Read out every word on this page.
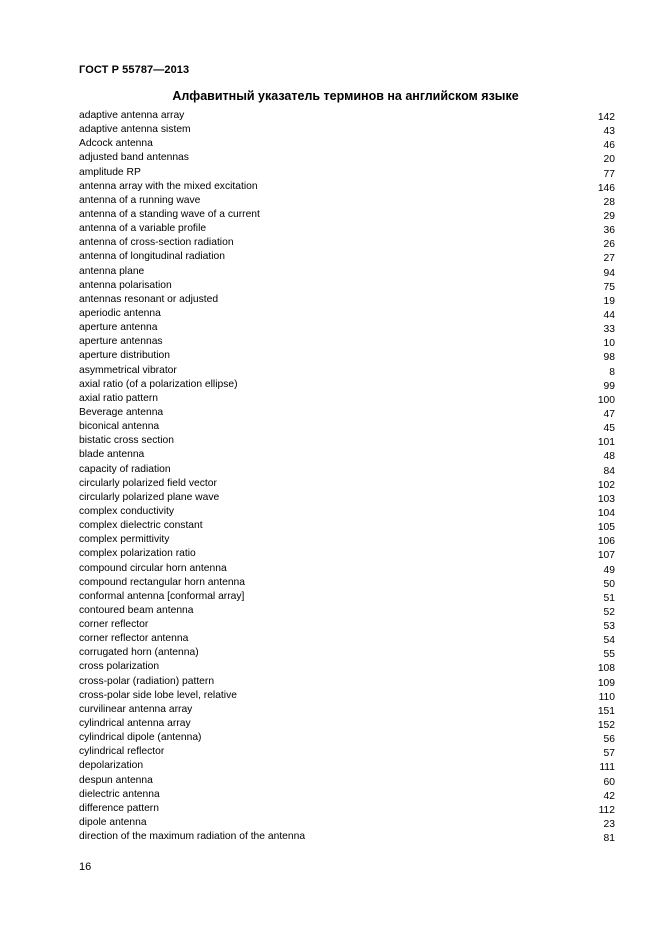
ГОСТ Р 55787—2013
Алфавитный указатель терминов на английском языке
adaptive antenna array	142
adaptive antenna sistem	43
Adcock antenna	46
adjusted band antennas	20
amplitude RP	77
antenna array with the mixed excitation	146
antenna of a running wave	28
antenna of a standing wave of a current	29
antenna of a variable profile	36
antenna of cross-section radiation	26
antenna of longitudinal radiation	27
antenna plane	94
antenna polarisation	75
antennas resonant or adjusted	19
aperiodic antenna	44
aperture antenna	33
aperture antennas	10
aperture distribution	98
asymmetrical vibrator	8
axial ratio (of a polarization ellipse)	99
axial ratio pattern	100
Beverage antenna	47
biconical antenna	45
bistatic cross section	101
blade antenna	48
capacity of radiation	84
circularly polarized field vector	102
circularly polarized plane wave	103
complex conductivity	104
complex dielectric constant	105
complex permittivity	106
complex polarization ratio	107
compound circular horn antenna	49
compound rectangular horn antenna	50
conformal antenna [conformal array]	51
contoured beam antenna	52
corner reflector	53
corner reflector antenna	54
corrugated horn (antenna)	55
cross polarization	108
cross-polar (radiation) pattern	109
cross-polar side lobe level, relative	110
curvilinear antenna array	151
cylindrical antenna array	152
cylindrical dipole (antenna)	56
cylindrical reflector	57
depolarization	111
despun antenna	60
dielectric antenna	42
difference pattern	112
dipole antenna	23
direction of the maximum radiation of the antenna	81
16
